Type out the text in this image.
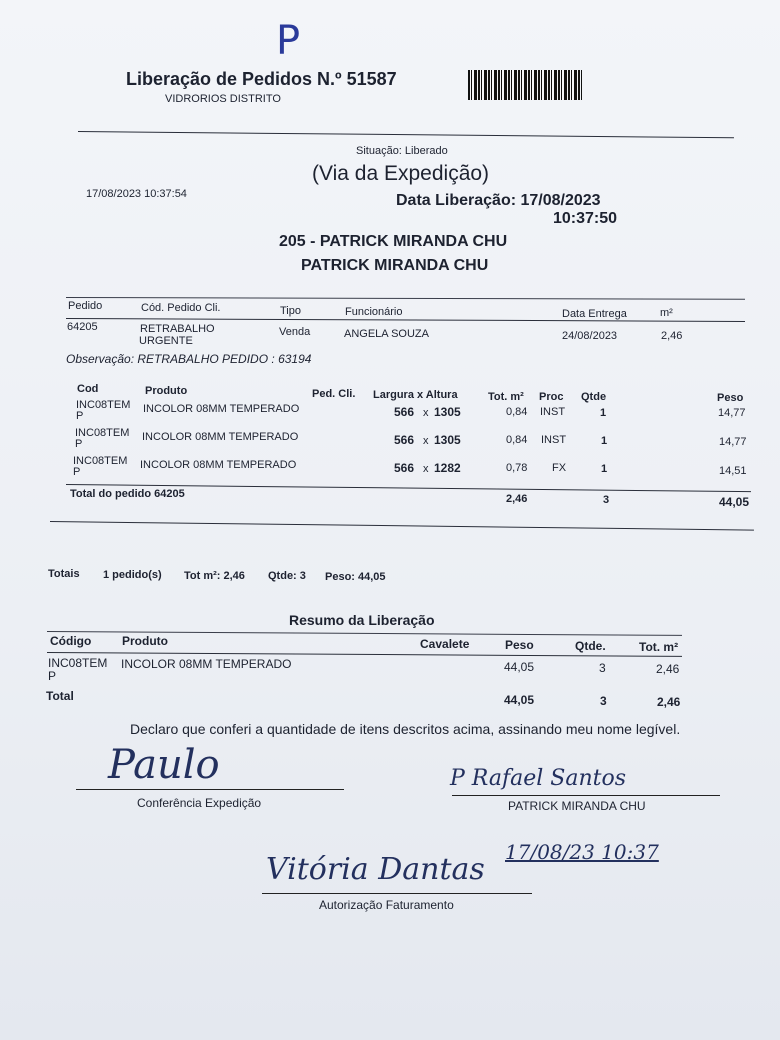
P
Liberação de Pedidos N.º 51587
VIDRORIOS DISTRITO
Situação: Liberado
(Via da Expedição)
17/08/2023 10:37:54	Data Liberação: 17/08/2023
10:37:50
205 - PATRICK MIRANDA CHU
PATRICK MIRANDA CHU
Pedido	Cód. Pedido Cli.	Tipo	Funcionário	Data Entrega	m²
64205	RETRABALHO
URGENTE
Venda	ANGELA SOUZA	24/08/2023	2,46
Observação: RETRABALHO PEDIDO : 63194
Cod	Produto	Ped. Cli. Largura x Altura	Tot. m² Proc Qtde	Peso
INC08TEM
P
INCOLOR 08MM TEMPERADO	566 x 1305	0,84 INST	1	14,77
INC08TEM
P
INCOLOR 08MM TEMPERADO	566 x 1305	0,84 INST	1	14,77
INC08TEM
P
INCOLOR 08MM TEMPERADO	566 x 1282	0,78 FX	1	14,51
Total do pedido 64205	2,46	3	44,05
Totais 1 pedido(s) Tot m²: 2,46 Qtde: 3 Peso: 44,05
Resumo da Liberação
Código	Produto	Cavalete	Peso	Qtde.	Tot. m²
INC08TEM
P
INCOLOR 08MM TEMPERADO	44,05	3	2,46
Total	44,05	3	2,46
Declaro que conferi a quantidade de itens descritos acima, assinando meu nome legível.
Paulo
Conferência Expedição
P Rafael Santos
PATRICK MIRANDA CHU
17/08/23 10:37
Vitória Dantas
Autorização Faturamento
